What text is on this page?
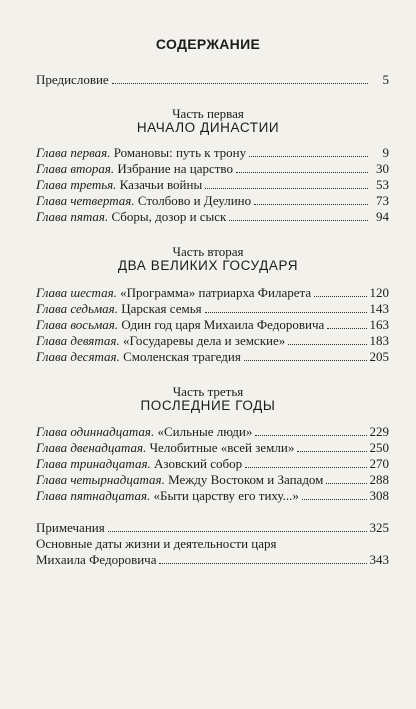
СОДЕРЖАНИЕ
Предисловие	5
Часть первая
НАЧАЛО ДИНАСТИИ
Глава первая. Романовы: путь к трону	9
Глава вторая. Избрание на царство	30
Глава третья. Казачьи войны	53
Глава четвертая. Столбово и Деулино	73
Глава пятая. Сборы, дозор и сыск	94
Часть вторая
ДВА ВЕЛИКИХ ГОСУДАРЯ
Глава шестая. «Программа» патриарха Филарета	120
Глава седьмая. Царская семья	143
Глава восьмая. Один год царя Михаила Федоровича	163
Глава девятая. «Государевы дела и земские»	183
Глава десятая. Смоленская трагедия	205
Часть третья
ПОСЛЕДНИЕ ГОДЫ
Глава одиннадцатая. «Сильные люди»	229
Глава двенадцатая. Челобитные «всей земли»	250
Глава тринадцатая. Азовский собор	270
Глава четырнадцатая. Между Востоком и Западом	288
Глава пятнадцатая. «Быти царству его тиху...»	308
Примечания	325
Основные даты жизни и деятельности царя
Михаила Федоровича	343
